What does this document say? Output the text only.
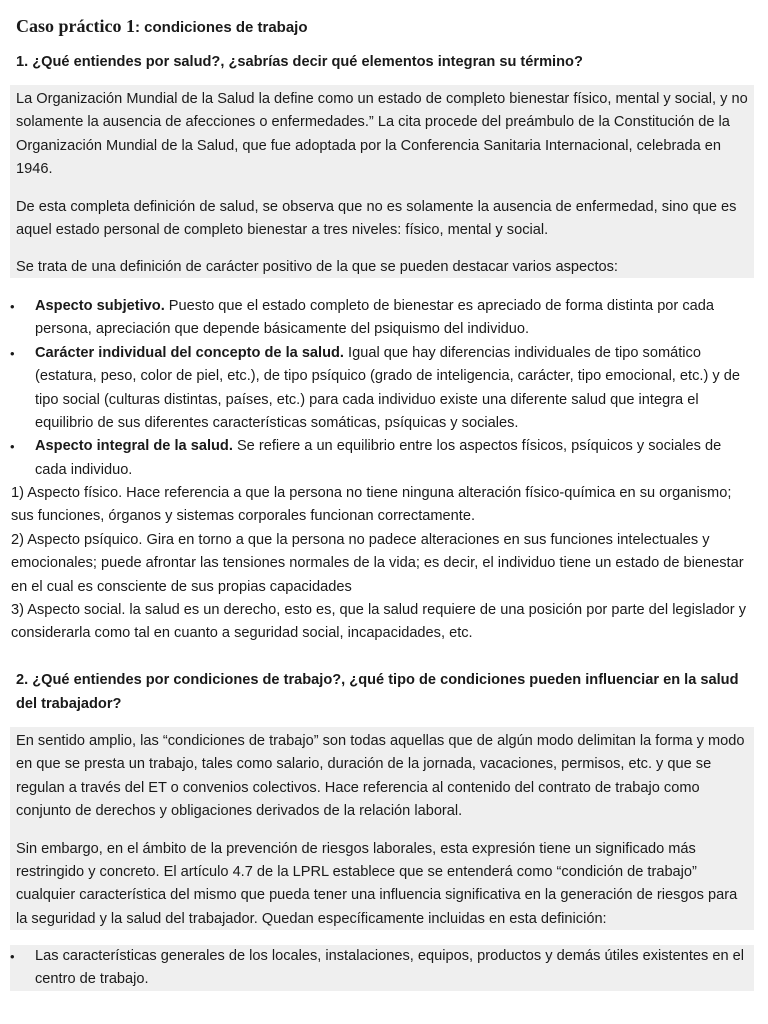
Caso práctico 1: condiciones de trabajo
1. ¿Qué entiendes por salud?, ¿sabrías decir qué elementos integran su término?

La Organización Mundial de la Salud la define como un estado de completo bienestar físico, mental y social, y no solamente la ausencia de afecciones o enfermedades.” La cita procede del preámbulo de la Constitución de la Organización Mundial de la Salud, que fue adoptada por la Conferencia Sanitaria Internacional, celebrada en 1946.

De esta completa definición de salud, se observa que no es solamente la ausencia de enfermedad, sino que es aquel estado personal de completo bienestar a tres niveles: físico, mental y social.

Se trata de una definición de carácter positivo de la que se pueden destacar varios aspectos:

• Aspecto subjetivo. Puesto que el estado completo de bienestar es apreciado de forma distinta por cada persona, apreciación que depende básicamente del psiquismo del individuo.
• Carácter individual del concepto de la salud. Igual que hay diferencias individuales de tipo somático (estatura, peso, color de piel, etc.), de tipo psíquico (grado de inteligencia, carácter, tipo emocional, etc.) y de tipo social (culturas distintas, países, etc.) para cada individuo existe una diferente salud que integra el equilibrio de sus diferentes características somáticas, psíquicas y sociales.
• Aspecto integral de la salud. Se refiere a un equilibrio entre los aspectos físicos, psíquicos y sociales de cada individuo.

1) Aspecto físico. Hace referencia a que la persona no tiene ninguna alteración físico-química en su organismo; sus funciones, órganos y sistemas corporales funcionan correctamente.

2) Aspecto psíquico. Gira en torno a que la persona no padece alteraciones en sus funciones intelectuales y emocionales; puede afrontar las tensiones normales de la vida; es decir, el individuo tiene un estado de bienestar en el cual es consciente de sus propias capacidades

3) Aspecto social. la salud es un derecho, esto es, que la salud requiere de una posición por parte del legislador y considerarla como tal en cuanto a seguridad social, incapacidades, etc.

2. ¿Qué entiendes por condiciones de trabajo?, ¿qué tipo de condiciones pueden influenciar en la salud del trabajador?

En sentido amplio, las “condiciones de trabajo” son todas aquellas que de algún modo delimitan la forma y modo en que se presta un trabajo, tales como salario, duración de la jornada, vacaciones, permisos, etc. y que se regulan a través del ET o convenios colectivos. Hace referencia al contenido del contrato de trabajo como conjunto de derechos y obligaciones derivados de la relación laboral.

Sin embargo, en el ámbito de la prevención de riesgos laborales, esta expresión tiene un significado más restringido y concreto. El artículo 4.7 de la LPRL establece que se entenderá como “condición de trabajo” cualquier característica del mismo que pueda tener una influencia significativa en la generación de riesgos para la seguridad y la salud del trabajador. Quedan específicamente incluidas en esta definición:

• Las características generales de los locales, instalaciones, equipos, productos y demás útiles existentes en el centro de trabajo.
